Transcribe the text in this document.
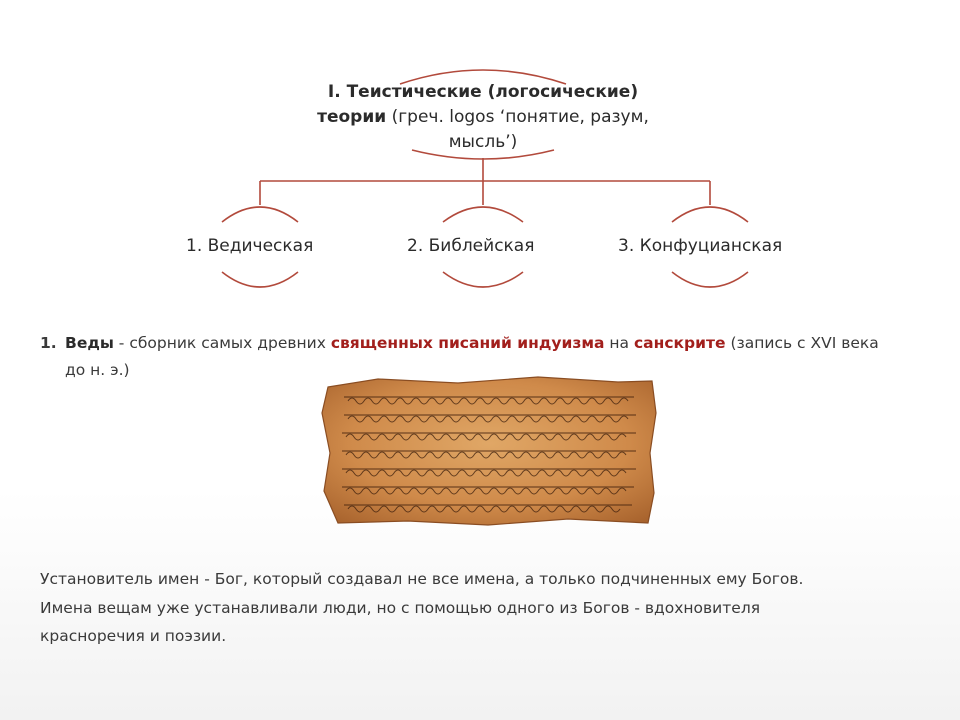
I. Теистические (логосические) теории (греч. logos ‘понятие, разум, мысль’)
1. Ведическая	2. Библейская	3. Конфуцианская
1. Веды - сборник самых древних священных писаний индуизма на санскрите (запись с XVI века
до н. э.)
Установитель имен - Бог, который создавал не все имена, а только подчиненных ему Богов.
Имена вещам уже устанавливали люди, но с помощью одного из Богов - вдохновителя
красноречия и поэзии.
